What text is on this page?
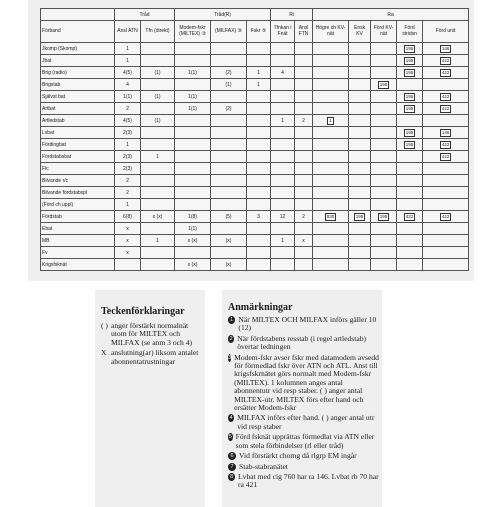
	Tråd		Tråd(R)			Ri		Ra					
Förband	Ansl ATN	Tfn (direkt)	Modem-fskr (MILTEX) ③	(MILFAX) ⑨	Fskr ⑤	Tfnkan i Fnät	Ansl FTN	Högre ch KV-nät	Ensk KV	Förd KV-nät	Förd stridsn	Förd unit	
Jkomp (Skomp)	1										195	146	
Jbat	1										195	422	
Brig (radio)	4(5)	(1)	1(1)	(2)	1	4					195	422	
Brigstab	4			(1)	1					195			
Självst bat	1(1)	(1)	1(1)								195	422	
Artbat	2		1(1)	(2)							195	422	
Artledstab	4(5)	(1)				1	2	1					
Lvbat	2(3)										195	146	
Fördingbat	1										195	422	
Fördstabsbat	2(3)	1										422	
Flc	2(3)												
Bilvande r/c	2												
Bilvande fördstabspl	2												
(Förd ch uppl)	1												
Fördstab	6(8)	x (x)	1(8)	(5)	3	12	2	830	195	195	422	422	
Ebat	x		1(1)										
MB	x	1	x (x)	(x)		1	x						
Fv	x												
Krigsfsknät			x (x)	(x)									
Teckenförklaringar
( ) anger förstärkt normalnät utom för MILTEX och MILFAX (se anm 3 och 4)
X anslutning(ar) liksom antalet abonnentatrustningar
Anmärkningar
1 När MILTEX OCH MILFAX införs gäller 10 (12)
2 När fördstabens resstab (i regel artledstab) övertar ledningen
3 Modem-fskr avser fskr med datamodem avsedd för förmedlad fskr över ATN och ATL. Anst till krigsfskrnätet görs normalt med Modem-fskr (MILTEX). 1 kolumnen anges antal abonnentutr vid resp staber. ( ) anger antal MILTEX-utr. MILTEX förs efter hand och ersätter Modem-fskr
4 MILFAX införs efter hand. ( ) anger antal utr vid resp staber
5 Förd fsknät upprättas förmedlat via ATN eller som stela förbindelser (rl eller tråd)
6 Vid förstärkt chomg då rlgrp EM ingår
7 Stab-stabranätet
8 Lvbat med cig 760 har ra 146. Lvbat rb 70 har ra 421
